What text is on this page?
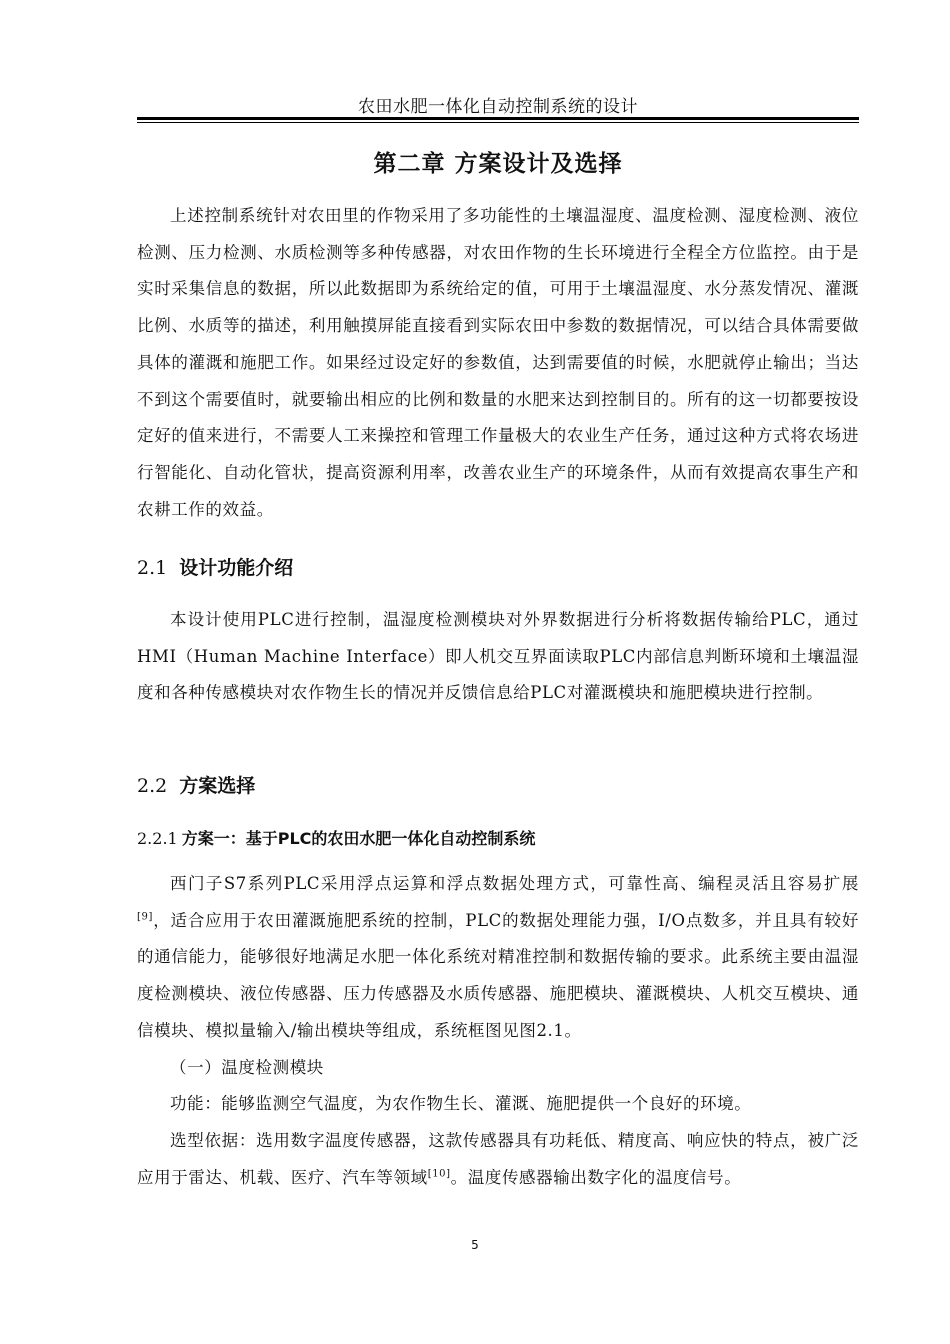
农田水肥一体化自动控制系统的设计
第二章 方案设计及选择

上述控制系统针对农田里的作物采用了多功能性的土壤温湿度、温度检测、湿度检测、液位检测、压力检测、水质检测等多种传感器，对农田作物的生长环境进行全程全方位监控。由于是实时采集信息的数据，所以此数据即为系统给定的值，可用于土壤温湿度、水分蒸发情况、灌溉比例、水质等的描述，利用触摸屏能直接看到实际农田中参数的数据情况，可以结合具体需要做具体的灌溉和施肥工作。如果经过设定好的参数值，达到需要值的时候，水肥就停止输出；当达不到这个需要值时，就要输出相应的比例和数量的水肥来达到控制目的。所有的这一切都要按设定好的值来进行，不需要人工来操控和管理工作量极大的农业生产任务，通过这种方式将农场进行智能化、自动化管状，提高资源利用率，改善农业生产的环境条件，从而有效提高农事生产和农耕工作的效益。

2.1 设计功能介绍

本设计使用PLC进行控制，温湿度检测模块对外界数据进行分析将数据传输给PLC，通过HMI（Human Machine Interface）即人机交互界面读取PLC内部信息判断环境和土壤温湿度和各种传感模块对农作物生长的情况并反馈信息给PLC对灌溉模块和施肥模块进行控制。

2.2 方案选择
2.2.1 方案一：基于PLC的农田水肥一体化自动控制系统

西门子S7系列PLC采用浮点运算和浮点数据处理方式，可靠性高、编程灵活且容易扩展[9]，适合应用于农田灌溉施肥系统的控制，PLC的数据处理能力强，I/O点数多，并且具有较好的通信能力，能够很好地满足水肥一体化系统对精准控制和数据传输的要求。此系统主要由温湿度检测模块、液位传感器、压力传感器及水质传感器、施肥模块、灌溉模块、人机交互模块、通信模块、模拟量输入/输出模块等组成，系统框图见图2.1。

（一）温度检测模块

功能：能够监测空气温度，为农作物生长、灌溉、施肥提供一个良好的环境。

选型依据：选用数字温度传感器，这款传感器具有功耗低、精度高、响应快的特点，被广泛应用于雷达、机载、医疗、汽车等领域[10]。温度传感器输出数字化的温度信号。

5
